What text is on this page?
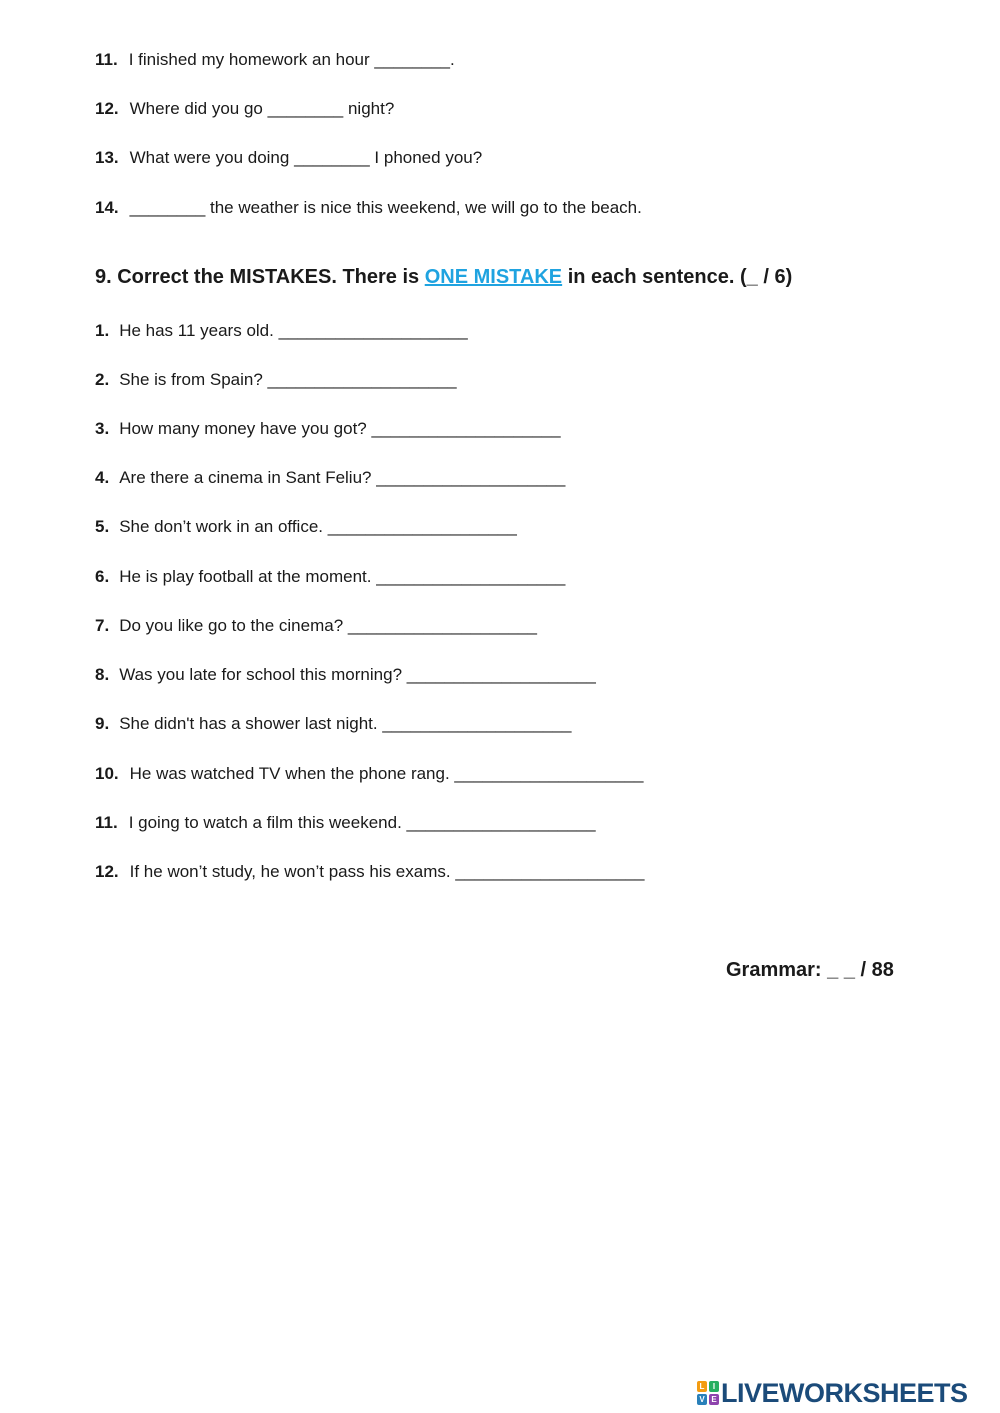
11. I finished my homework an hour ________.
12. Where did you go ________ night?
13. What were you doing ________ I phoned you?
14. ________ the weather is nice this weekend, we will go to the beach.
9. Correct the MISTAKES. There is ONE MISTAKE in each sentence. (_ / 6)
1. He has 11 years old. ____________________
2. She is from Spain? ____________________
3. How many money have you got? ____________________
4. Are there a cinema in Sant Feliu? ____________________
5. She don’t work in an office. ____________________
6. He is play football at the moment. ____________________
7. Do you like go to the cinema? ____________________
8. Was you late for school this morning? ____________________
9. She didn't has a shower last night. ____________________
10. He was watched TV when the phone rang. ____________________
11. I going to watch a film this weekend. ____________________
12. If he won’t study, he won’t pass his exams. ____________________
Grammar: _ _ / 88
L	I
V E LIVEWORKSHEETS
